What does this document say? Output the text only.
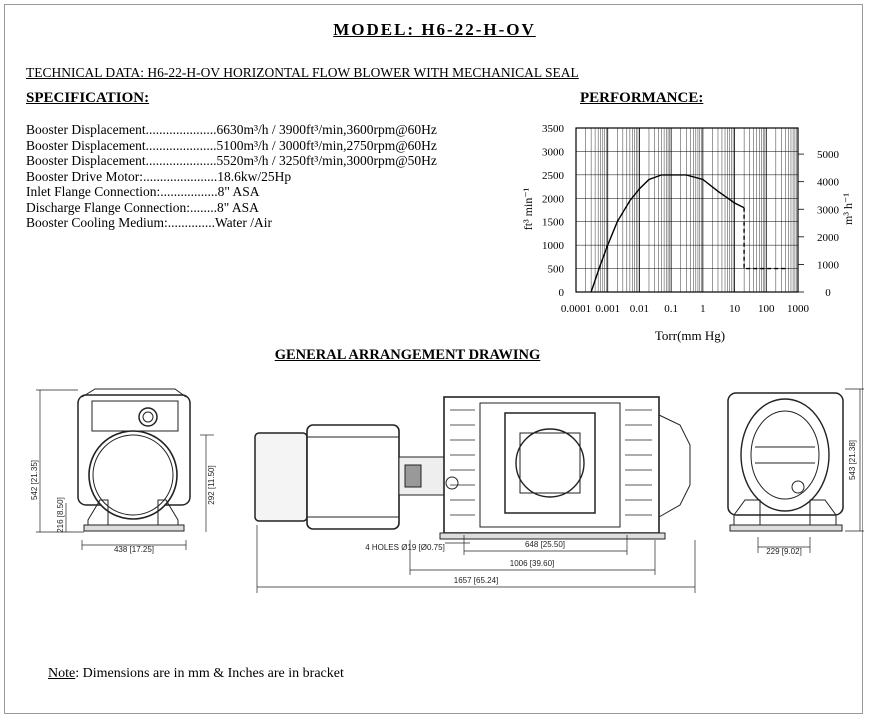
MODEL: H6-22-H-OV
TECHNICAL DATA: H6-22-H-OV HORIZONTAL FLOW BLOWER WITH MECHANICAL SEAL
SPECIFICATION:	PERFORMANCE:
Booster Displacement.....................6630m³/h / 3900ft³/min,3600rpm@60Hz
Booster Displacement.....................5100m³/h / 3000ft³/min,2750rpm@60Hz
Booster Displacement.....................5520m³/h / 3250ft³/min,3000rpm@50Hz
Booster Drive Motor:......................18.6kw/25Hp
Inlet Flange Connection:.................8" ASA
Discharge Flange Connection:........8" ASA
Booster Cooling Medium:..............Water /Air
0.0001 0.001 0.01 0.1 1 10 100 1000
0
500
1000
1500
2000
2500
3000
3500
0
1000
2000
3000
4000
5000
ft³ min⁻¹	m³ h⁻¹
Torr(mm Hg)
GENERAL ARRANGEMENT DRAWING
542 [21.35]
216 [8.50]
292 [11.50]
438 [17.25]	4 HOLES Ø19 [Ø0.75]	648 [25.50]
1006 [39.60]
1657 [65.24]
543 [21.38]
229 [9.02]
Note: Dimensions are in mm & Inches are in bracket
